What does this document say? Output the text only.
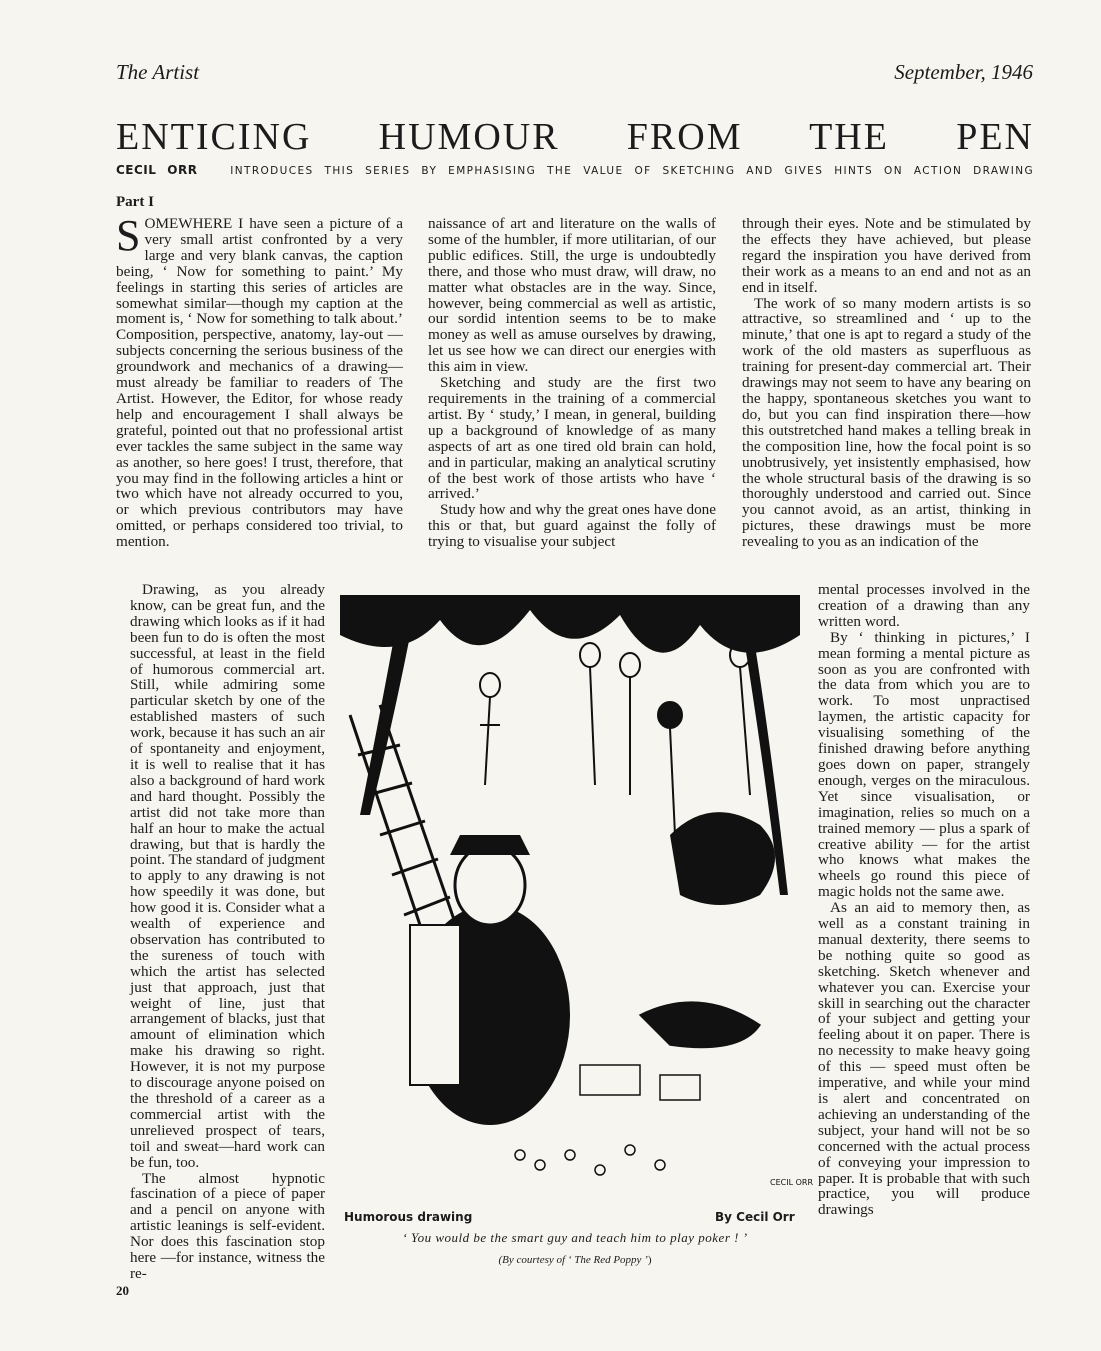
The Artist	September, 1946
ENTICING HUMOUR FROM THE PEN
CECIL ORR	INTRODUCES THIS SERIES BY EMPHASISING THE VALUE OF SKETCHING AND GIVES HINTS ON ACTION DRAWING
Part I

SOMEWHERE I have seen a picture of a very small artist confronted by a very large and very blank canvas, the caption being, ‘ Now for something to paint.’ My feelings in starting this series of articles are somewhat similar—though my caption at the moment is, ‘ Now for something to talk about.’ Composition, perspective, anatomy, lay-out — subjects concerning the serious business of the groundwork and mechanics of a drawing—must already be familiar to readers of The Artist. However, the Editor, for whose ready help and encouragement I shall always be grateful, pointed out that no professional artist ever tackles the same subject in the same way as another, so here goes! I trust, therefore, that you may find in the following articles a hint or two which have not already occurred to you, or which previous contributors may have omitted, or perhaps considered too trivial, to mention.

Drawing, as you already know, can be great fun, and the drawing which looks as if it had been fun to do is often the most successful, at least in the field of humorous commercial art. Still, while admiring some particular sketch by one of the established masters of such work, because it has such an air of spontaneity and enjoyment, it is well to realise that it has also a background of hard work and hard thought. Possibly the artist did not take more than half an hour to make the actual drawing, but that is hardly the point. The standard of judgment to apply to any drawing is not how speedily it was done, but how good it is. Consider what a wealth of experience and observation has contributed to the sureness of touch with which the artist has selected just that approach, just that weight of line, just that arrangement of blacks, just that amount of elimination which make his drawing so right. However, it is not my purpose to discourage anyone poised on the threshold of a career as a commercial artist with the unrelieved prospect of tears, toil and sweat—hard work can be fun, too.

The almost hypnotic fascination of a piece of paper and a pencil on anyone with artistic leanings is self-evident. Nor does this fascination stop here —for instance, witness the re-

naissance of art and literature on the walls of some of the humbler, if more utilitarian, of our public edifices. Still, the urge is undoubtedly there, and those who must draw, will draw, no matter what obstacles are in the way. Since, however, being commercial as well as artistic, our sordid intention seems to be to make money as well as amuse ourselves by drawing, let us see how we can direct our energies with this aim in view.

Sketching and study are the first two requirements in the training of a commercial artist. By ‘ study,’ I mean, in general, building up a background of knowledge of as many aspects of art as one tired old brain can hold, and in particular, making an analytical scrutiny of the best work of those artists who have ‘ arrived.’

Study how and why the great ones have done this or that, but guard against the folly of trying to visualise your subject

through their eyes. Note and be stimulated by the effects they have achieved, but please regard the inspiration you have derived from their work as a means to an end and not as an end in itself.

The work of so many modern artists is so attractive, so streamlined and ‘ up to the minute,’ that one is apt to regard a study of the work of the old masters as superfluous as training for present-day commercial art. Their drawings may not seem to have any bearing on the happy, spontaneous sketches you want to do, but you can find inspiration there—how this outstretched hand makes a telling break in the composition line, how the focal point is so unobtrusively, yet insistently emphasised, how the whole structural basis of the drawing is so thoroughly understood and carried out. Since you cannot avoid, as an artist, thinking in pictures, these drawings must be more revealing to you as an indication of the

mental processes involved in the creation of a drawing than any written word.

By ‘ thinking in pictures,’ I mean forming a mental picture as soon as you are confronted with the data from which you are to work. To most unpractised laymen, the artistic capacity for visualising something of the finished drawing before anything goes down on paper, strangely enough, verges on the miraculous. Yet since visualisation, or imagination, relies so much on a trained memory — plus a spark of creative ability — for the artist who knows what makes the wheels go round this piece of magic holds not the same awe.

As an aid to memory then, as well as a constant training in manual dexterity, there seems to be nothing quite so good as sketching. Sketch whenever and whatever you can. Exercise your skill in searching out the character of your subject and getting your feeling about it on paper. There is no necessity to make heavy going of this — speed must often be imperative, and while your mind is alert and concentrated on achieving an understanding of the subject, your hand will not be so concerned with the actual process of conveying your impression to paper. It is probable that with such practice, you will produce drawings

CECIL ORR
Humorous drawing	By Cecil Orr
‘ You would be the smart guy and teach him to play poker ! ’
(By courtesy of ‘ The Red Poppy ’)
20
